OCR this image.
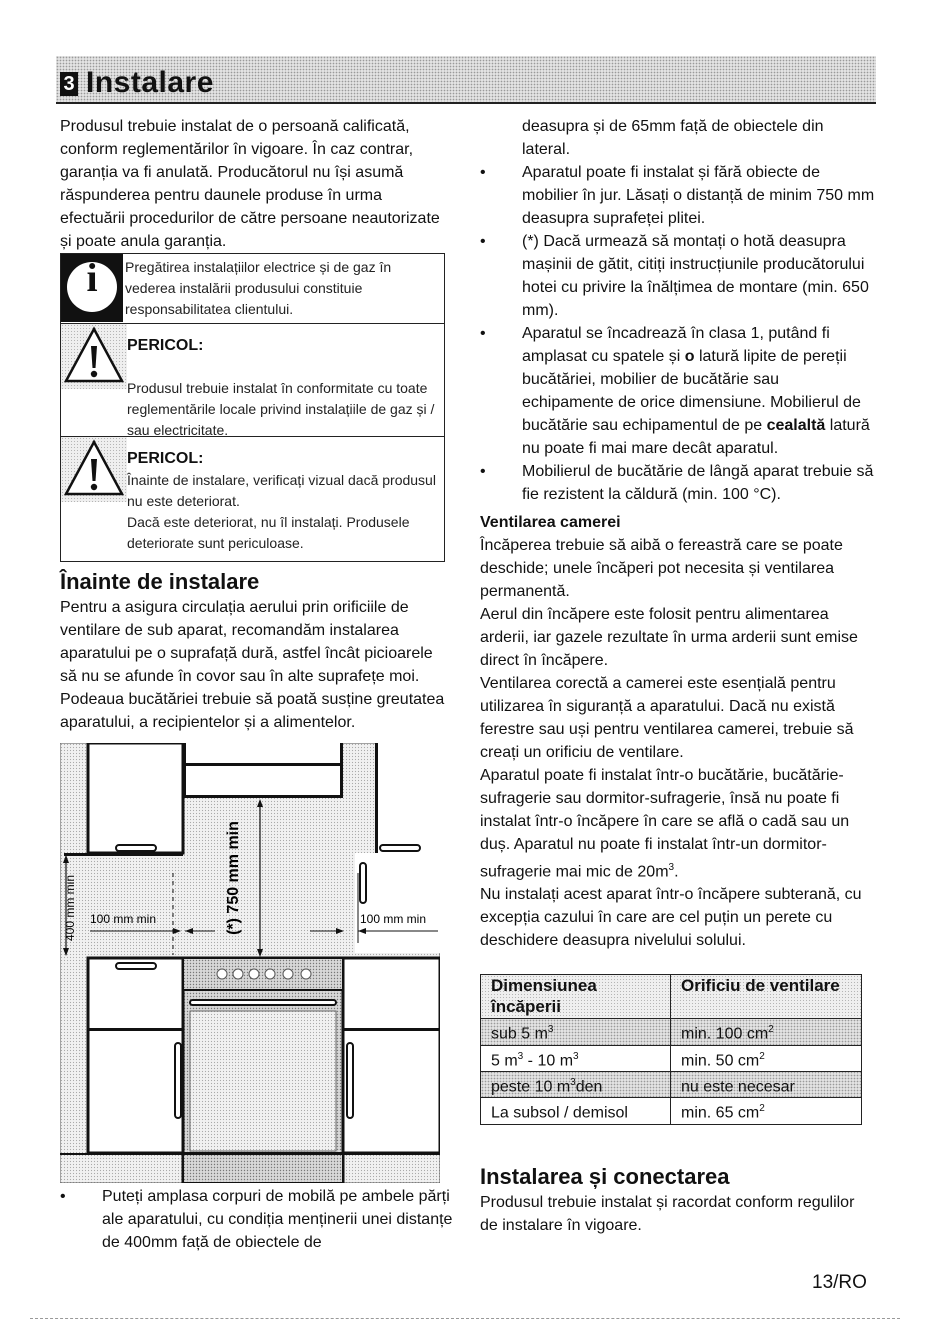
3 Instalare

Produsul trebuie instalat de o persoană calificată, conform reglementărilor în vigoare. În caz contrar, garanția va fi anulată. Producătorul nu își asumă răspunderea pentru daunele produse în urma efectuării procedurilor de către persoane neautorizate și poate anula garanția.

i	Pregătirea instalațiilor electrice și de gaz în vederea instalării produsului constituie responsabilitatea clientului.
PERICOL:
Produsul trebuie instalat în conformitate cu toate reglementările locale privind instalațiile de gaz și / sau electricitate.
PERICOL:
Înainte de instalare, verificați vizual dacă produsul nu este deteriorat.
Dacă este deteriorat, nu îl instalați. Produsele deteriorate sunt periculoase.
Înainte de instalare

Pentru a asigura circulația aerului prin orificiile de ventilare de sub aparat, recomandăm instalarea aparatului pe o suprafață dură, astfel încât picioarele să nu se afunde în covor sau în alte suprafețe moi.

Podeaua bucătăriei trebuie să poată susține greutatea aparatului, a recipientelor și a alimentelor.

(*) 750 mm min
400 mm min 100 mm min	100 mm min
• Puteți amplasa corpuri de mobilă pe ambele părți ale aparatului, cu condiția menținerii unei distanțe de 400mm față de obiectele de

deasupra și de 65mm față de obiectele din lateral.

• Aparatul poate fi instalat și fără obiecte de mobilier în jur. Lăsați o distanță de minim 750 mm deasupra suprafeței plitei.
• (*) Dacă urmează să montați o hotă deasupra mașinii de gătit, citiți instrucțiunile producătorului hotei cu privire la înălțimea de montare (min. 650 mm).
• Aparatul se încadrează în clasa 1, putând fi amplasat cu spatele și o latură lipite de pereții bucătăriei, mobilier de bucătărie sau echipamente de orice dimensiune. Mobilierul de bucătărie sau echipamentul de pe cealaltă latură nu poate fi mai mare decât aparatul.
• Mobilierul de bucătărie de lângă aparat trebuie să fie rezistent la căldură (min. 100 °C).
Ventilarea camerei

Încăperea trebuie să aibă o fereastră care se poate deschide; unele încăperi pot necesita și ventilarea permanentă.

Aerul din încăpere este folosit pentru alimentarea arderii, iar gazele rezultate în urma arderii sunt emise direct în încăpere.

Ventilarea corectă a camerei este esențială pentru utilizarea în siguranță a aparatului. Dacă nu există ferestre sau uși pentru ventilarea camerei, trebuie să creați un orificiu de ventilare.

Aparatul poate fi instalat într-o bucătărie, bucătărie-sufragerie sau dormitor-sufragerie, însă nu poate fi instalat într-o încăpere în care se află o cadă sau un duș. Aparatul nu poate fi instalat într-un dormitor-sufragerie mai mic de $20m^3$.

Nu instalați acest aparat într-o încăpere subterană, cu excepția cazului în care are cel puțin un perete cu deschidere deasupra nivelului solului.

Dimensiunea încăperii	Orificiu de ventilare
sub 5 $m^3$	min. 100 $cm^2$
5 $m^3 - 10$ $m^3$	min. 50 $cm^2$
peste 10 $m^3den$	nu este necesar
La subsol / demisol	min. 65 $cm^2$
Instalarea și conectarea

Produsul trebuie instalat și racordat conform regulilor de instalare în vigoare.

13/RO
